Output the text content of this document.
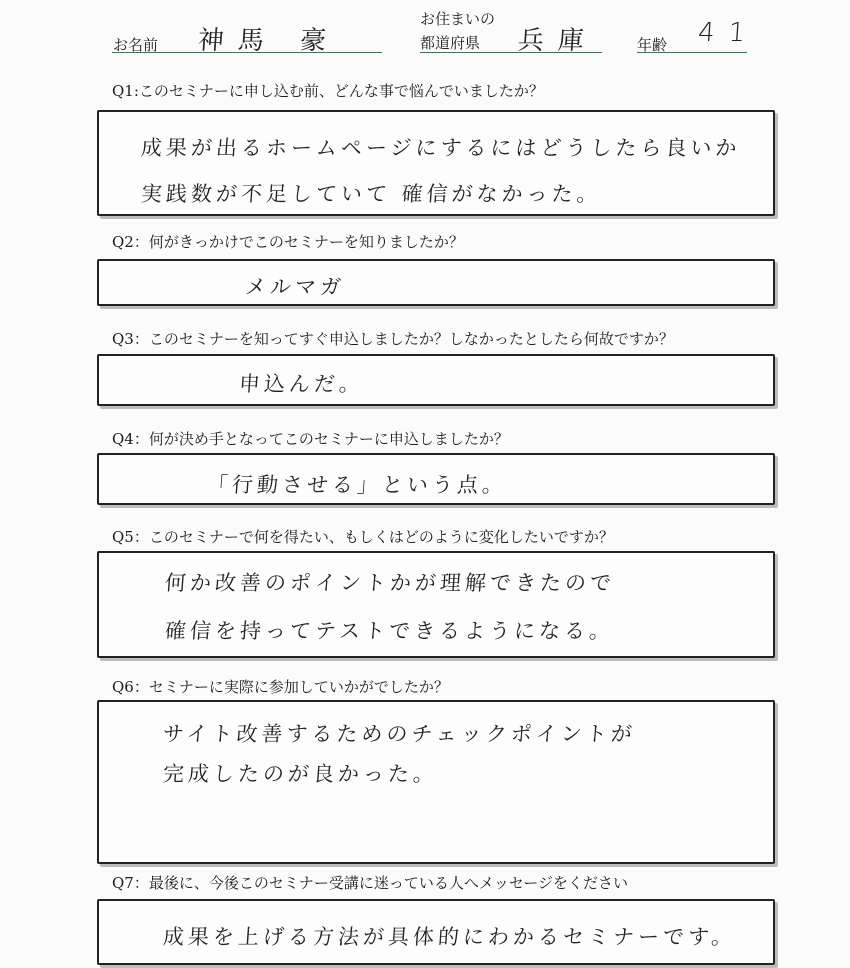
お名前 神馬 豪
お住まいの
都道府県 兵庫	年齢 41
Q1:このセミナーに申し込む前、どんな事で悩んでいましたか？
成果が出るホームページにするにはどうしたら良いか
実践数が不足していて 確信がなかった。
Q2：何がきっかけでこのセミナーを知りましたか？
メルマガ
Q3：このセミナーを知ってすぐ申込しましたか？しなかったとしたら何故ですか？
申込んだ。
Q4：何が決め手となってこのセミナーに申込しましたか？
「行動させる」という点。
Q5：このセミナーで何を得たい、もしくはどのように変化したいですか？
何か改善のポイントかが理解できたので
確信を持ってテストできるようになる。
Q6：セミナーに実際に参加していかがでしたか？
サイト改善するためのチェックポイントが
完成したのが良かった。
Q7：最後に、今後このセミナー受講に迷っている人へメッセージをください
成果を上げる方法が具体的にわかるセミナーです。
